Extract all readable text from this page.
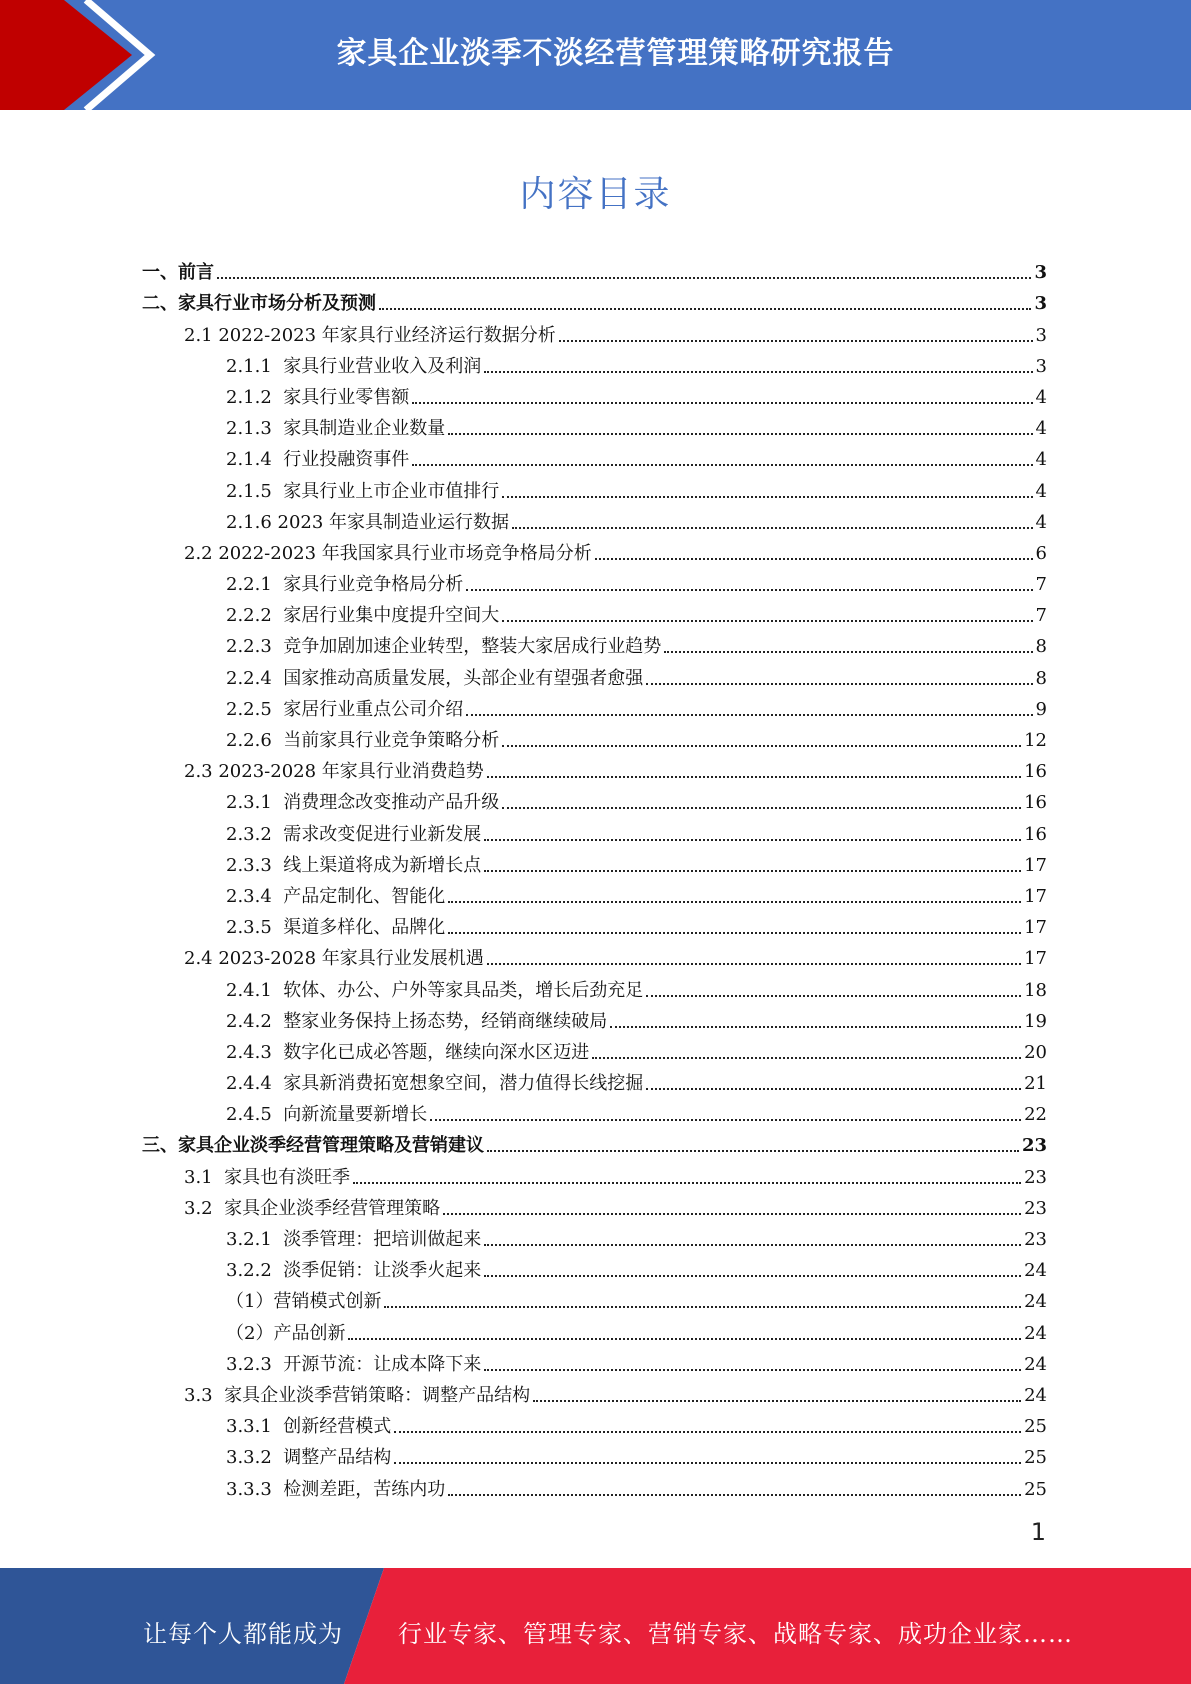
家具企业淡季不淡经营管理策略研究报告
内容目录
一、前言	3
二、家具行业市场分析及预测	3
2.1 2022-2023 年家具行业经济运行数据分析	3
2.1.1  家具行业营业收入及利润	3
2.1.2  家具行业零售额	4
2.1.3  家具制造业企业数量	4
2.1.4  行业投融资事件	4
2.1.5  家具行业上市企业市值排行	4
2.1.6 2023 年家具制造业运行数据	4
2.2 2022-2023 年我国家具行业市场竞争格局分析	6
2.2.1  家具行业竞争格局分析	7
2.2.2  家居行业集中度提升空间大	7
2.2.3  竞争加剧加速企业转型，整装大家居成行业趋势	8
2.2.4  国家推动高质量发展，头部企业有望强者愈强	8
2.2.5  家居行业重点公司介绍	9
2.2.6  当前家具行业竞争策略分析	12
2.3 2023-2028 年家具行业消费趋势	16
2.3.1  消费理念改变推动产品升级	16
2.3.2  需求改变促进行业新发展	16
2.3.3  线上渠道将成为新增长点	17
2.3.4  产品定制化、智能化	17
2.3.5  渠道多样化、品牌化	17
2.4 2023-2028 年家具行业发展机遇	17
2.4.1  软体、办公、户外等家具品类，增长后劲充足	18
2.4.2  整家业务保持上扬态势，经销商继续破局	19
2.4.3  数字化已成必答题，继续向深水区迈进	20
2.4.4  家具新消费拓宽想象空间，潜力值得长线挖掘	21
2.4.5  向新流量要新增长	22
三、家具企业淡季经营管理策略及营销建议	23
3.1  家具也有淡旺季	23
3.2  家具企业淡季经营管理策略	23
3.2.1  淡季管理：把培训做起来	23
3.2.2  淡季促销：让淡季火起来	24
（1）营销模式创新	24
（2）产品创新	24
3.2.3  开源节流：让成本降下来	24
3.3  家具企业淡季营销策略：调整产品结构	24
3.3.1  创新经营模式	25
3.3.2  调整产品结构	25
3.3.3  检测差距，苦练内功	25
1
让每个人都能成为 行业专家、管理专家、营销专家、战略专家、成功企业家……
